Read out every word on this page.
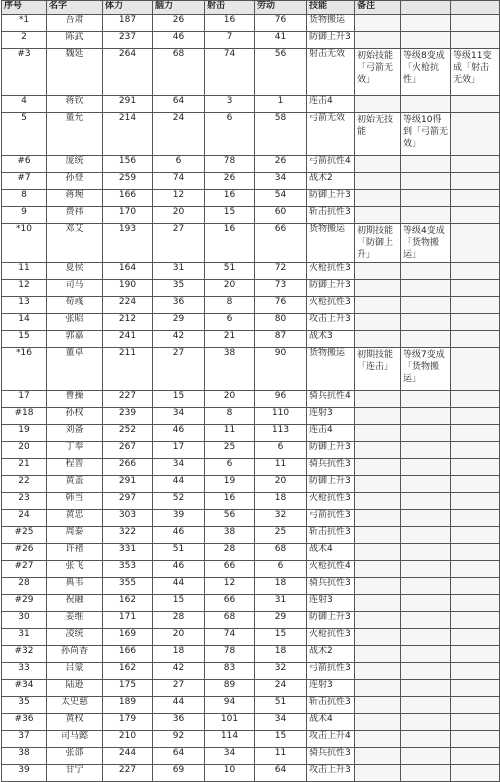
序号	名字	体力	脑力	射击	劳动	技能	备注		
*1	吾肃	187	26	16	76	货物搬运			
2	陈武	237	46	7	41	防御上升3			
#3	魏延	264	68	74	56	射击无效	初始技能「弓箭无效」	等级8变成「火枪抗性」	等级11变成「射击无效」
4	蒋钦	291	64	3	1	连击4			
5	董允	214	24	6	58	弓箭无效	初始无技能	等级10得到「弓箭无效」	
#6	庞统	156	6	78	26	弓箭抗性4			
#7	孙登	259	74	26	34	战术2			
8	蒋琬	166	12	16	54	防御上升3			
9	费祎	170	20	15	60	斩击抗性3			
*10	邓艾	193	27	16	66	货物搬运	初期技能「防御上升」	等级4变成「货物搬运」	
11	夏侯	164	31	51	72	火枪抗性3			
12	司马	190	35	20	73	防御上升3			
13	荀彧	224	36	8	76	火枪抗性3			
14	张昭	212	29	6	80	攻击上升3			
15	郭嘉	241	42	21	87	战术3			
*16	董卓	211	27	38	90	货物搬运	初期技能「连击」	等级7变成「货物搬运」	
17	曹操	227	15	20	96	骑兵抗性4			
#18	孙权	239	34	8	110	连射3			
19	刘备	252	46	11	113	连击4			
20	丁奉	267	17	25	6	防御上升3			
21	程普	266	34	6	11	骑兵抗性3			
22	黄盖	291	44	19	20	防御上升3			
23	韩当	297	52	16	18	火枪抗性3			
24	黄忠	303	39	56	32	弓箭抗性3			
#25	周泰	322	46	38	25	斩击抗性3			
#26	许褚	331	51	28	68	战术4			
#27	张飞	353	46	66	6	火枪抗性4			
28	典韦	355	44	12	18	骑兵抗性3			
#29	祝融	162	15	66	31	连射3			
30	姜维	171	28	68	29	防御上升3			
31	凌统	169	20	74	15	火枪抗性3			
#32	孙尚香	166	18	78	18	战术2			
33	吕蒙	162	42	83	32	弓箭抗性3			
#34	陆逊	175	27	89	24	连射3			
35	太史慈	189	44	94	51	斩击抗性3			
#36	黄权	179	36	101	34	战术4			
37	司马懿	210	92	114	15	攻击上升4			
38	张郃	244	64	34	11	骑兵抗性3			
39	甘宁	227	69	10	64	攻击上升3			
